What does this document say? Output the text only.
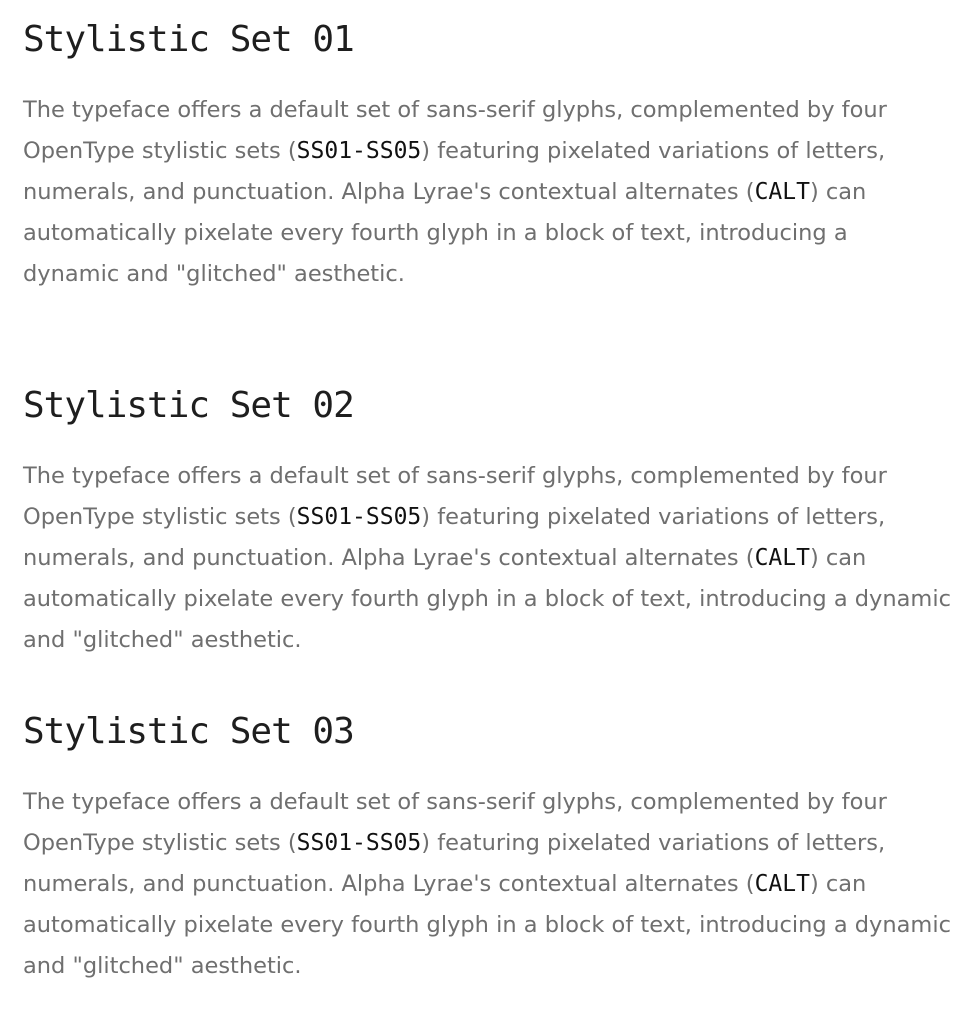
Stylistic Set 01

The typeface offers a default set of sans-serif glyphs, complemented by four OpenType stylistic sets (SS01-SS05) featuring pixelated variations of letters, numerals, and punctuation. Alpha Lyrae's contextual alternates (CALT) can automatically pixelate every fourth glyph in a block of text, introducing a dynamic and "glitched" aesthetic.

Stylistic Set 02

The typeface offers a default set of sans-serif glyphs, complemented by four OpenType stylistic sets (SS01-SS05) featuring pixelated variations of letters, numerals, and punctuation. Alpha Lyrae's contextual alternates (CALT) can automatically pixelate every fourth glyph in a block of text, introducing a dynamic and "glitched" aesthetic.

Stylistic Set 03

The typeface offers a default set of sans-serif glyphs, complemented by four OpenType stylistic sets (SS01-SS05) featuring pixelated variations of letters, numerals, and punctuation. Alpha Lyrae's contextual alternates (CALT) can automatically pixelate every fourth glyph in a block of text, introducing a dynamic and "glitched" aesthetic.
